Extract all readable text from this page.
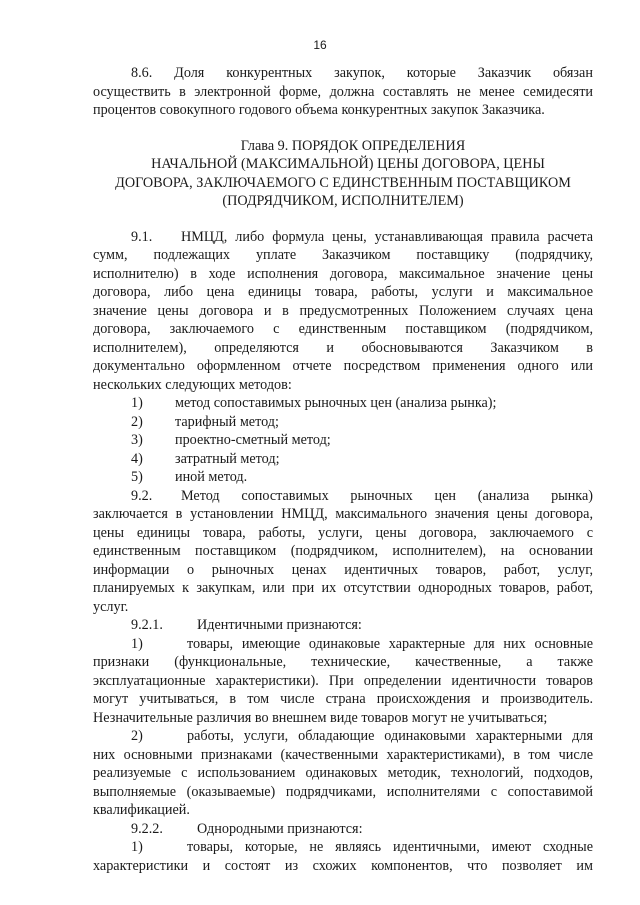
16
8.6. Доля конкурентных закупок, которые Заказчик обязан

осуществить в электронной форме, должна составлять не менее семидесяти

процентов совокупного годового объема конкурентных закупок Заказчика.

Глава 9. ПОРЯДОК ОПРЕДЕЛЕНИЯ
НАЧАЛЬНОЙ (МАКСИМАЛЬНОЙ) ЦЕНЫ ДОГОВОРА, ЦЕНЫ
ДОГОВОРА, ЗАКЛЮЧАЕМОГО С ЕДИНСТВЕННЫМ ПОСТАВЩИКОМ
(ПОДРЯДЧИКОМ, ИСПОЛНИТЕЛЕМ)
9.1.	НМЦД, либо формула цены, устанавливающая правила расчета

сумм, подлежащих уплате Заказчиком поставщику (подрядчику,

исполнителю) в ходе исполнения договора, максимальное значение цены

договора, либо цена единицы товара, работы, услуги и максимальное

значение цены договора и в предусмотренных Положением случаях цена

договора, заключаемого с единственным поставщиком (подрядчиком,

исполнителем), определяются и обосновываются Заказчиком в

документально оформленном отчете посредством применения одного или

нескольких следующих методов:

1)	метод сопоставимых рыночных цен (анализа рынка);
2)	тарифный метод;
3)	проектно-сметный метод;
4)	затратный метод;
5)	иной метод.
9.2.	Метод сопоставимых рыночных цен (анализа рынка)

заключается в установлении НМЦД, максимального значения цены договора,

цены единицы товара, работы, услуги, цены договора, заключаемого с

единственным поставщиком (подрядчиком, исполнителем), на основании

информации о рыночных ценах идентичных товаров, работ, услуг,

планируемых к закупкам, или при их отсутствии однородных товаров, работ,

услуг.

9.2.1.	Идентичными признаются:
1)	товары, имеющие одинаковые характерные для них основные

признаки (функциональные, технические, качественные, а также

эксплуатационные характеристики). При определении идентичности товаров

могут учитываться, в том числе страна происхождения и производитель.

Незначительные различия во внешнем виде товаров могут не учитываться;

2)	работы, услуги, обладающие одинаковыми характерными для

них основными признаками (качественными характеристиками), в том числе

реализуемые с использованием одинаковых методик, технологий, подходов,

выполняемые (оказываемые) подрядчиками, исполнителями с сопоставимой

квалификацией.

9.2.2.	Однородными признаются:
1)	товары, которые, не являясь идентичными, имеют сходные

характеристики и состоят из схожих компонентов, что позволяет им
